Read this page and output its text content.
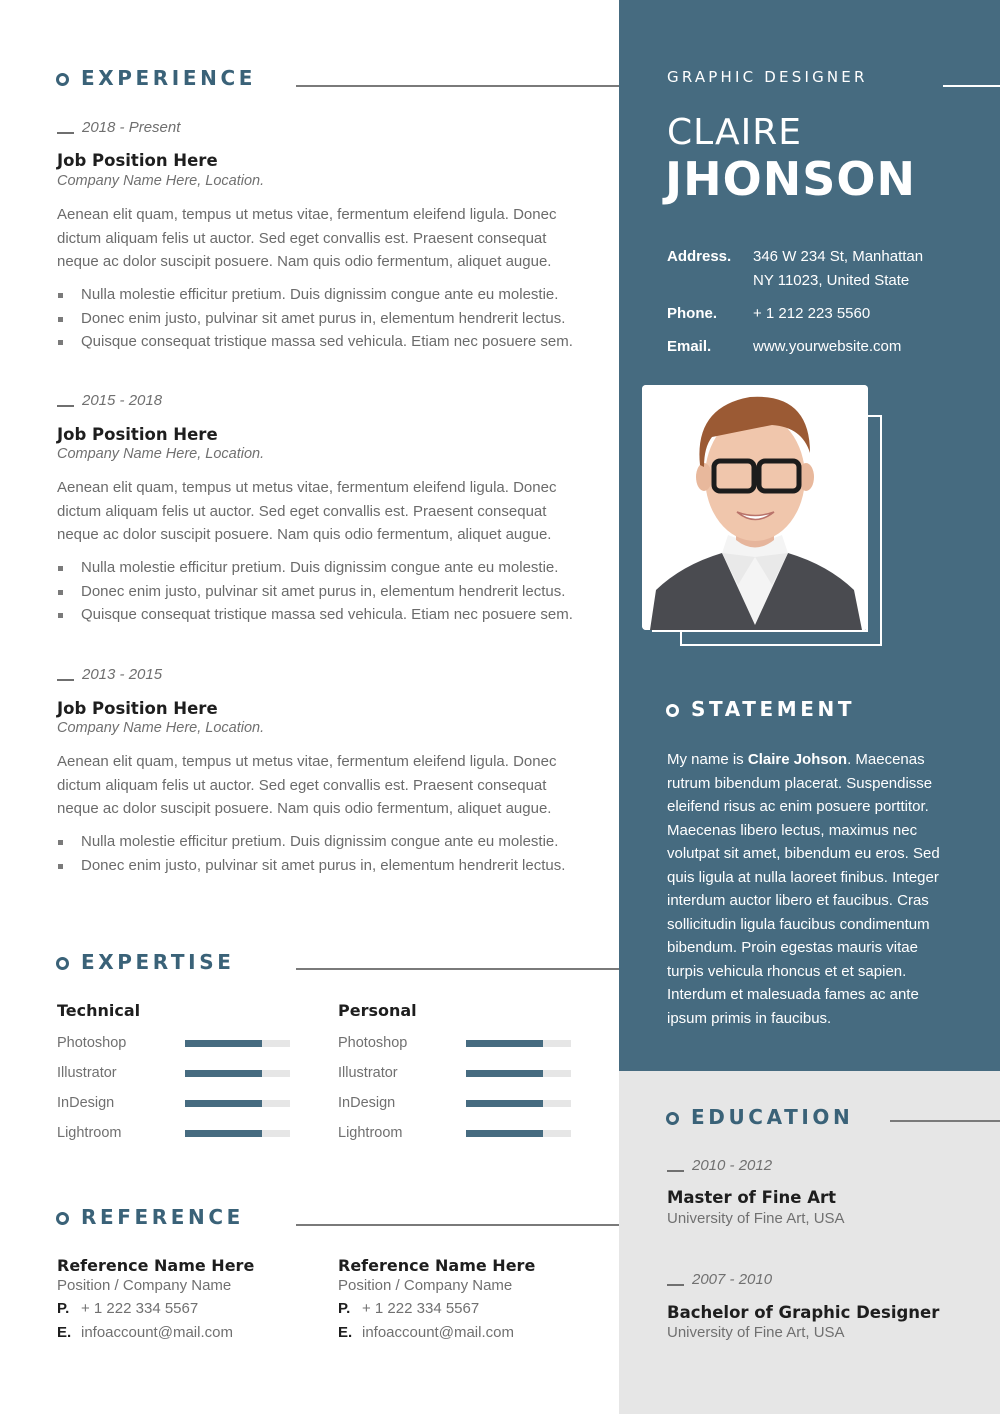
EXPERIENCE
2018 - Present
Job Position Here
Company Name Here, Location.
Aenean elit quam, tempus ut metus vitae, fermentum eleifend ligula. Donec dictum aliquam felis ut auctor. Sed eget convallis est. Praesent consequat neque ac dolor suscipit posuere. Nam quis odio fermentum, aliquet augue.
Nulla molestie efficitur pretium. Duis dignissim congue ante eu molestie.
Donec enim justo, pulvinar sit amet purus in, elementum hendrerit lectus.
Quisque consequat tristique massa sed vehicula. Etiam nec posuere sem.
2015 - 2018
Job Position Here
Company Name Here, Location.
Aenean elit quam, tempus ut metus vitae, fermentum eleifend ligula. Donec dictum aliquam felis ut auctor. Sed eget convallis est. Praesent consequat neque ac dolor suscipit posuere. Nam quis odio fermentum, aliquet augue.
Nulla molestie efficitur pretium. Duis dignissim congue ante eu molestie.
Donec enim justo, pulvinar sit amet purus in, elementum hendrerit lectus.
Quisque consequat tristique massa sed vehicula. Etiam nec posuere sem.
2013 - 2015
Job Position Here
Company Name Here, Location.
Aenean elit quam, tempus ut metus vitae, fermentum eleifend ligula. Donec dictum aliquam felis ut auctor. Sed eget convallis est. Praesent consequat neque ac dolor suscipit posuere. Nam quis odio fermentum, aliquet augue.
Nulla molestie efficitur pretium. Duis dignissim congue ante eu molestie.
Donec enim justo, pulvinar sit amet purus in, elementum hendrerit lectus.
EXPERTISE
Technical
Photoshop
Illustrator
InDesign
Lightroom
Personal
Photoshop
Illustrator
InDesign
Lightroom
REFERENCE
Reference Name Here
Position / Company Name
P. + 1 222 334 5567
E. infoaccount@mail.com
Reference Name Here
Position / Company Name
P. + 1 222 334 5567
E. infoaccount@mail.com
GRAPHIC DESIGNER
CLAIRE
JHONSON
Address.	346 W 234 St, Manhattan
NY 11023, United State
Phone.	+ 1 212 223 5560
Email.	www.yourwebsite.com
STATEMENT
My name is Claire Johson. Maecenas rutrum bibendum placerat. Suspendisse eleifend risus ac enim posuere porttitor. Maecenas libero lectus, maximus nec volutpat sit amet, bibendum eu eros. Sed quis ligula at nulla laoreet finibus. Integer interdum auctor libero et faucibus. Cras sollicitudin ligula faucibus condimentum bibendum. Proin egestas mauris vitae turpis vehicula rhoncus et et sapien. Interdum et malesuada fames ac ante ipsum primis in faucibus.
EDUCATION
2010 - 2012
Master of Fine Art
University of Fine Art, USA
2007 - 2010
Bachelor of Graphic Designer
University of Fine Art, USA
